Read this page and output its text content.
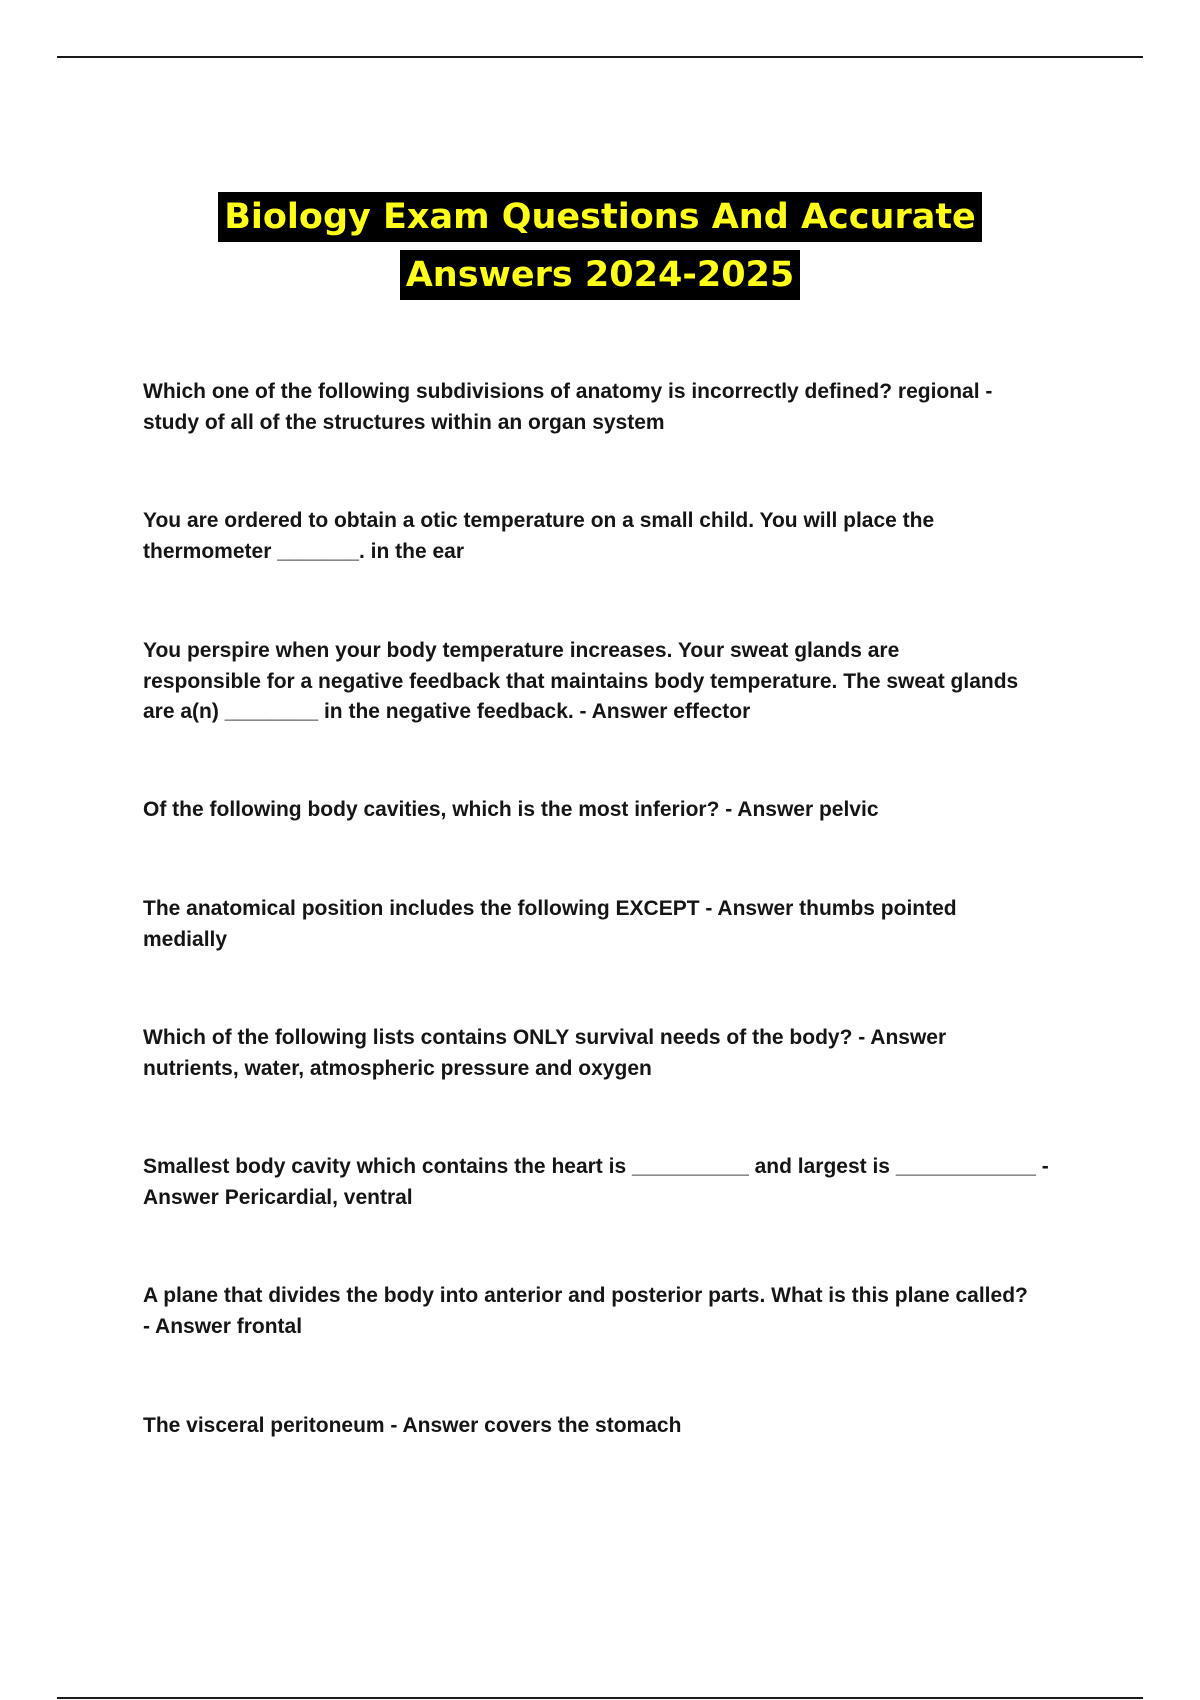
Biology Exam Questions And Accurate
Answers 2024-2025
Which one of the following subdivisions of anatomy is incorrectly defined? regional -
study of all of the structures within an organ system
You are ordered to obtain a otic temperature on a small child. You will place the
thermometer _______. in the ear
You perspire when your body temperature increases. Your sweat glands are
responsible for a negative feedback that maintains body temperature. The sweat glands
are a(n) ________ in the negative feedback. - Answer effector
Of the following body cavities, which is the most inferior? - Answer pelvic
The anatomical position includes the following EXCEPT - Answer thumbs pointed
medially
Which of the following lists contains ONLY survival needs of the body? - Answer
nutrients, water, atmospheric pressure and oxygen
Smallest body cavity which contains the heart is __________ and largest is ____________ -
Answer Pericardial, ventral
A plane that divides the body into anterior and posterior parts. What is this plane called?
- Answer frontal
The visceral peritoneum - Answer covers the stomach
